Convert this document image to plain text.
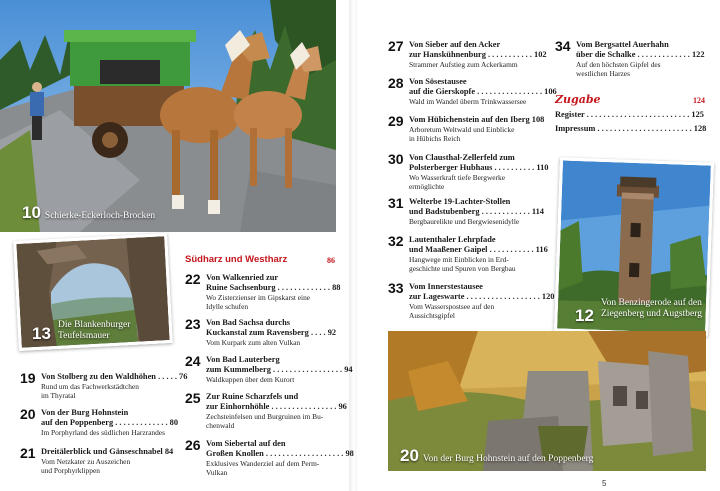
10 Schierke-Eckerloch-Brocken
13 Die Blankenburger
Teufelsmauer
19 Von Stolberg zu den Waldhöhen . . . . . 76
Rund um das Fachwerkstädtchen
im Thyratal
20 Von der Burg Hohnstein
auf den Poppenberg . . . . . . . . . . . . . 80
Im Porphyrland des südlichen Harzrandes
21 Dreitälerblick und Gänseschnabel 84
Vom Netzkater zu Auszeichen
und Porphyrklippen
Südharz und Westharz	86
22 Von Walkenried zur
Ruine Sachsenburg . . . . . . . . . . . . . 88
Wo Zisterzienser im Gipskarst eine
Idylle schufen
23 Von Bad Sachsa durchs
Kuckanstal zum Ravensberg . . . . 92
Vom Kurpark zum alten Vulkan
24 Von Bad Lauterberg
zum Kummelberg . . . . . . . . . . . . . . . . . 94
Waldkuppen über dem Kurort
25 Zur Ruine Scharzfels und
zur Einhornhöhle . . . . . . . . . . . . . . . . 96
Zechsteinfelsen und Burgruinen im Bu-
chenwald
26 Vom Siebertal auf den
Großen Knollen . . . . . . . . . . . . . . . . . . . 98
Exklusives Wanderziel auf dem Perm-
Vulkan
27 Von Sieber auf den Acker
zur Hanskühnenburg . . . . . . . . . . . 102
Strammer Aufstieg zum Ackerkamm
28 Von Sösestausee
auf die Gierskopfe . . . . . . . . . . . . . . . . 106
Wald im Wandel überm Trinkwassersee
29 Vom Hübichenstein auf den Iberg 108
Arboretum Weltwald und Einblicke
in Hübichs Reich
30 Von Clausthal-Zellerfeld zum
Polsterberger Hubhaus . . . . . . . . . . 110
Wo Wasserkraft tiefe Bergwerke
ermöglichte
31 Welterbe 19-Lachter-Stollen
und Badstubenberg . . . . . . . . . . . . 114
Bergbaurelikte und Bergwiesenidylle
32 Lautenthaler Lehrpfade
und Maaßener Gaipel . . . . . . . . . . . 116
Hangwege mit Einblicken in Erd-
geschichte und Spuren von Bergbau
33 Vom Innerstestausee
zur Lageswarte . . . . . . . . . . . . . . . . . . 120
Vom Wasserspostsee auf den
Aussichtsgipfel
34 Vom Bergsattel Auerhahn
über die Schalke . . . . . . . . . . . . . 122
Auf den höchsten Gipfel des
westlichen Harzes
Zugabe	124
Register . . . . . . . . . . . . . . . . . . . . . . . . . 125
Impressum . . . . . . . . . . . . . . . . . . . . . . . 128
12
Von Benzingerode auf den
Ziegenberg und Augstberg
20 Von der Burg Hohnstein auf den Poppenberg
5
